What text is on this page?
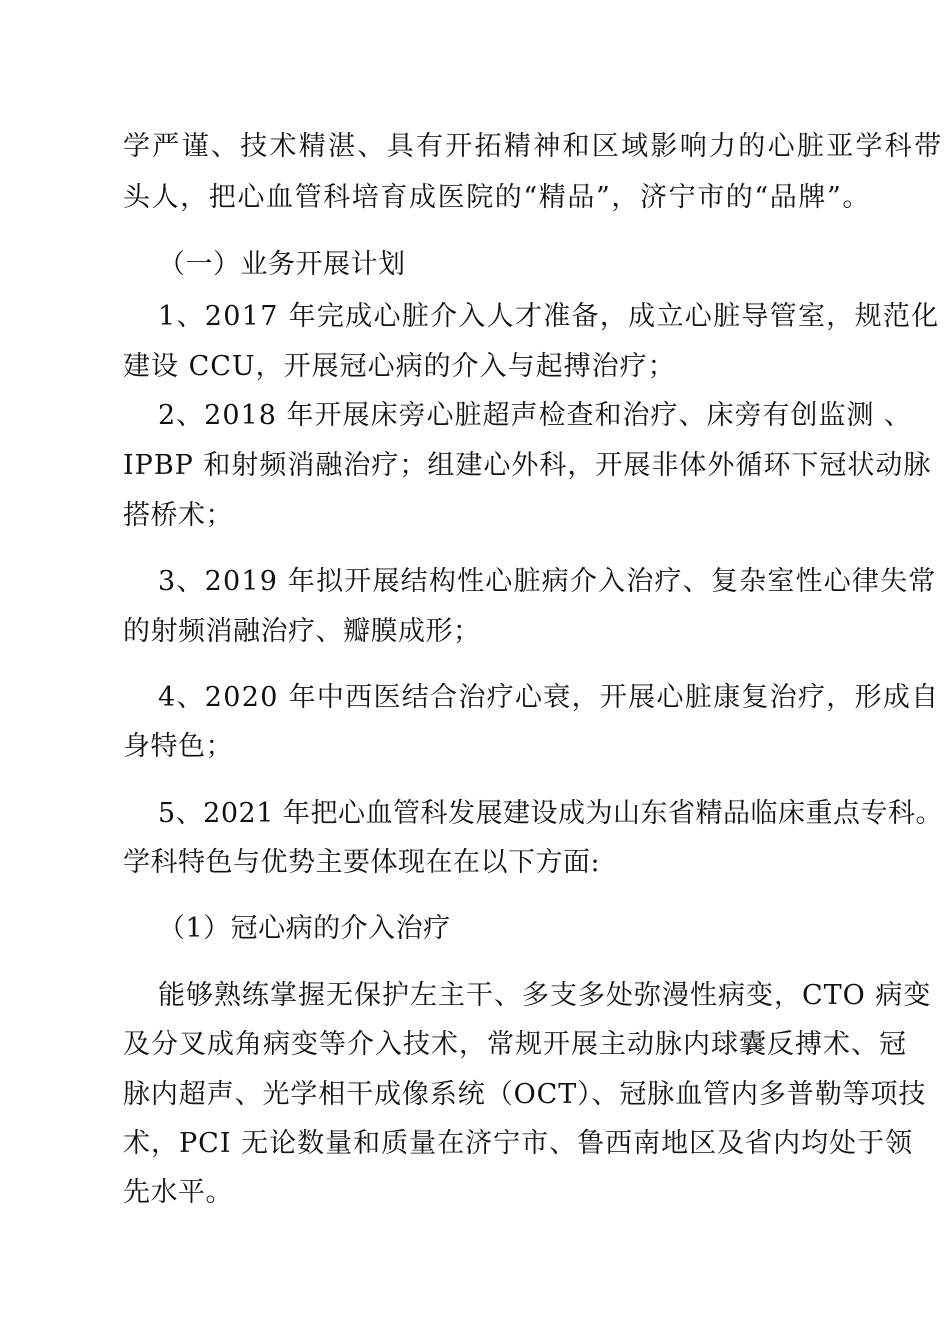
学严谨、技术精湛、具有开拓精神和区域影响力的心脏亚学科带
头人，把心血管科培育成医院的“精品”，济宁市的“品牌”。
（一）业务开展计划
1、2017 年完成心脏介入人才准备，成立心脏导管室，规范化
建设 CCU，开展冠心病的介入与起搏治疗；
2、2018 年开展床旁心脏超声检查和治疗、床旁有创监测 、
IPBP 和射频消融治疗；组建心外科，开展非体外循环下冠状动脉
搭桥术；
3、2019 年拟开展结构性心脏病介入治疗、复杂室性心律失常
的射频消融治疗、瓣膜成形；
4、2020 年中西医结合治疗心衰，开展心脏康复治疗，形成自
身特色；
5、2021 年把心血管科发展建设成为山东省精品临床重点专科。
学科特色与优势主要体现在在以下方面:
（1）冠心病的介入治疗
能够熟练掌握无保护左主干、多支多处弥漫性病变，CTO 病变
及分叉成角病变等介入技术，常规开展主动脉内球囊反搏术、冠
脉内超声、光学相干成像系统（OCT）、冠脉血管内多普勒等项技
术，PCI 无论数量和质量在济宁市、鲁西南地区及省内均处于领
先水平。
